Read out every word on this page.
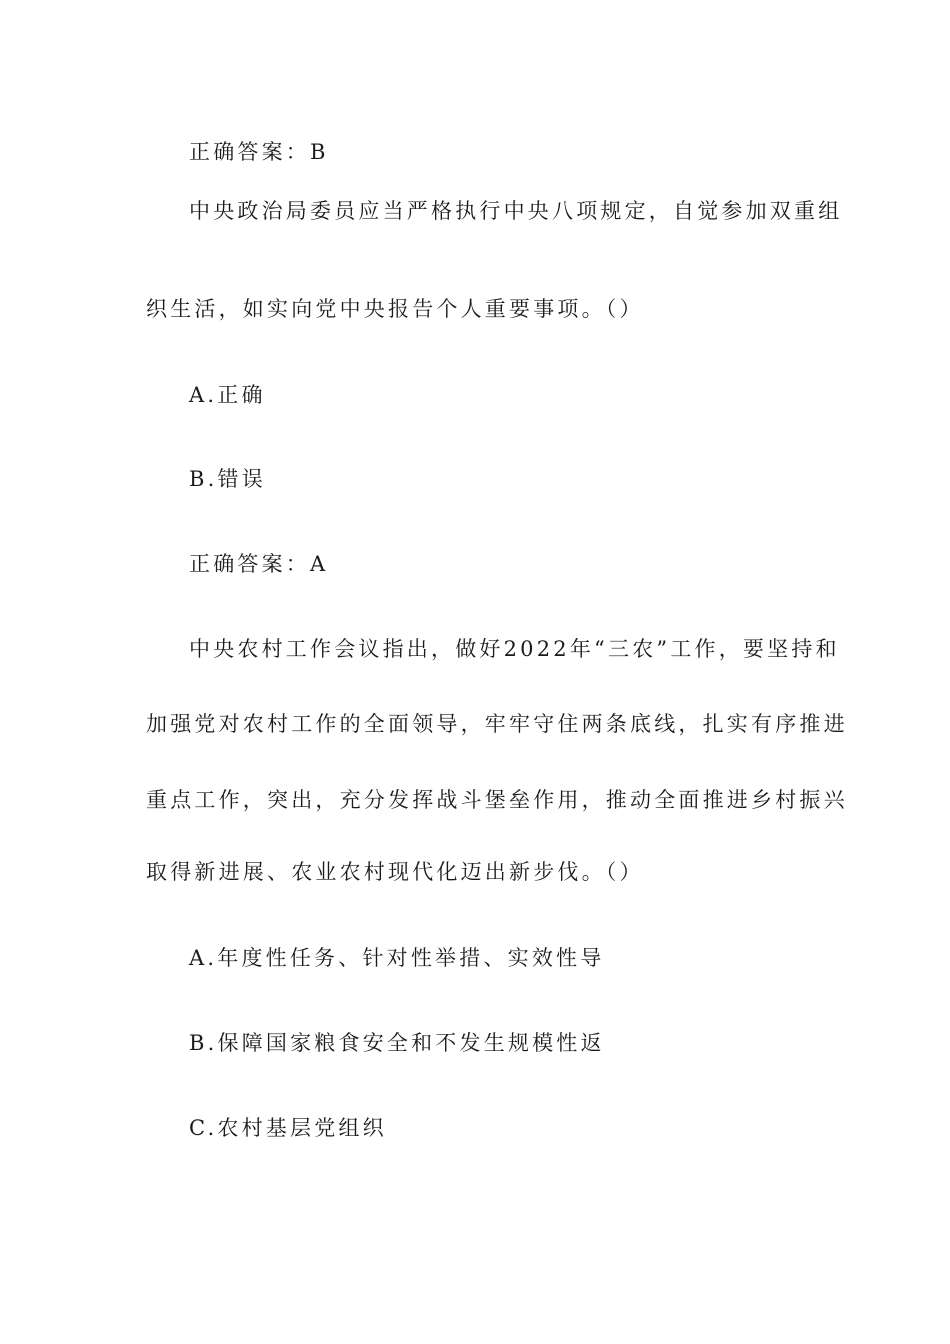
正确答案：B
中央政治局委员应当严格执行中央八项规定，自觉参加双重组
织生活，如实向党中央报告个人重要事项。（）
A.正确
B.错误
正确答案：A
中央农村工作会议指出，做好2022年“三农”工作，要坚持和
加强党对农村工作的全面领导，牢牢守住两条底线，扎实有序推进
重点工作，突出，充分发挥战斗堡垒作用，推动全面推进乡村振兴
取得新进展、农业农村现代化迈出新步伐。（）
A.年度性任务、针对性举措、实效性导
B.保障国家粮食安全和不发生规模性返
C.农村基层党组织
